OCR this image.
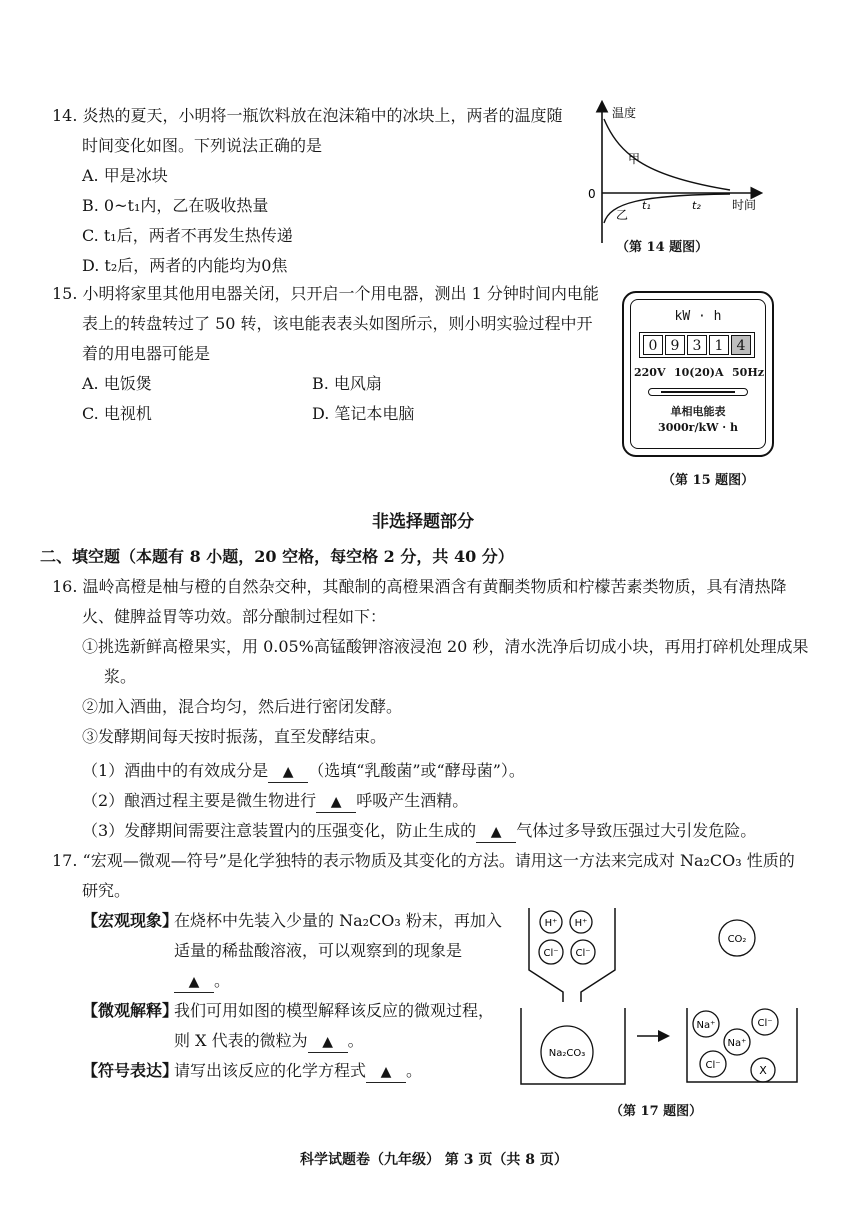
14. 炎热的夏天，小明将一瓶饮料放在泡沫箱中的冰块上，两者的温度随
时间变化如图。下列说法正确的是
A. 甲是冰块
B. 0~t₁内，乙在吸收热量
C. t₁后，两者不再发生热传递
D. t₂后，两者的内能均为0焦
温度
0
甲
乙
t₁	t₂	时间
（第 14 题图）
15. 小明将家里其他用电器关闭，只开启一个用电器，测出 1 分钟时间内电能
表上的转盘转过了 50 转，该电能表表头如图所示，则小明实验过程中开
着的用电器可能是
A. 电饭煲	B. 电风扇
C. 电视机	D. 笔记本电脑
kW · h
0 9 3 1 4
220V 10(20)A 50Hz
单相电能表
3000r/kW · h
（第 15 题图）
非选择题部分
二、填空题（本题有 8 小题，20 空格，每空格 2 分，共 40 分）
16. 温岭高橙是柚与橙的自然杂交种，其酿制的高橙果酒含有黄酮类物质和柠檬苦素类物质，具有清热降
火、健脾益胃等功效。部分酿制过程如下：
①挑选新鲜高橙果实，用 0.05%高锰酸钾溶液浸泡 20 秒，清水洗净后切成小块，再用打碎机处理成果
浆。
②加入酒曲，混合均匀，然后进行密闭发酵。
③发酵期间每天按时振荡，直至发酵结束。
（1）酒曲中的有效成分是 ▲ （选填“乳酸菌”或“酵母菌”）。
（2）酿酒过程主要是微生物进行 ▲ 呼吸产生酒精。
（3）发酵期间需要注意装置内的压强变化，防止生成的 ▲ 气体过多导致压强过大引发危险。
17. “宏观—微观—符号”是化学独特的表示物质及其变化的方法。请用这一方法来完成对 Na₂CO₃ 性质的
研究。
【宏观现象】
在烧杯中先装入少量的 Na₂CO₃ 粉末，再加入
适量的稀盐酸溶液，可以观察到的现象是
▲ 。
【微观解释】
我们可用如图的模型解释该反应的微观过程，
则 X 代表的微粒为 ▲ 。
【符号表达】
请写出该反应的化学方程式 ▲ 。
H⁺ H⁺
Cl⁻ Cl⁻
Na₂CO₃
CO₂
Na⁺
Na⁺
Cl⁻
Cl⁻	X
（第 17 题图）
科学试题卷（九年级） 第 3 页（共 8 页）
